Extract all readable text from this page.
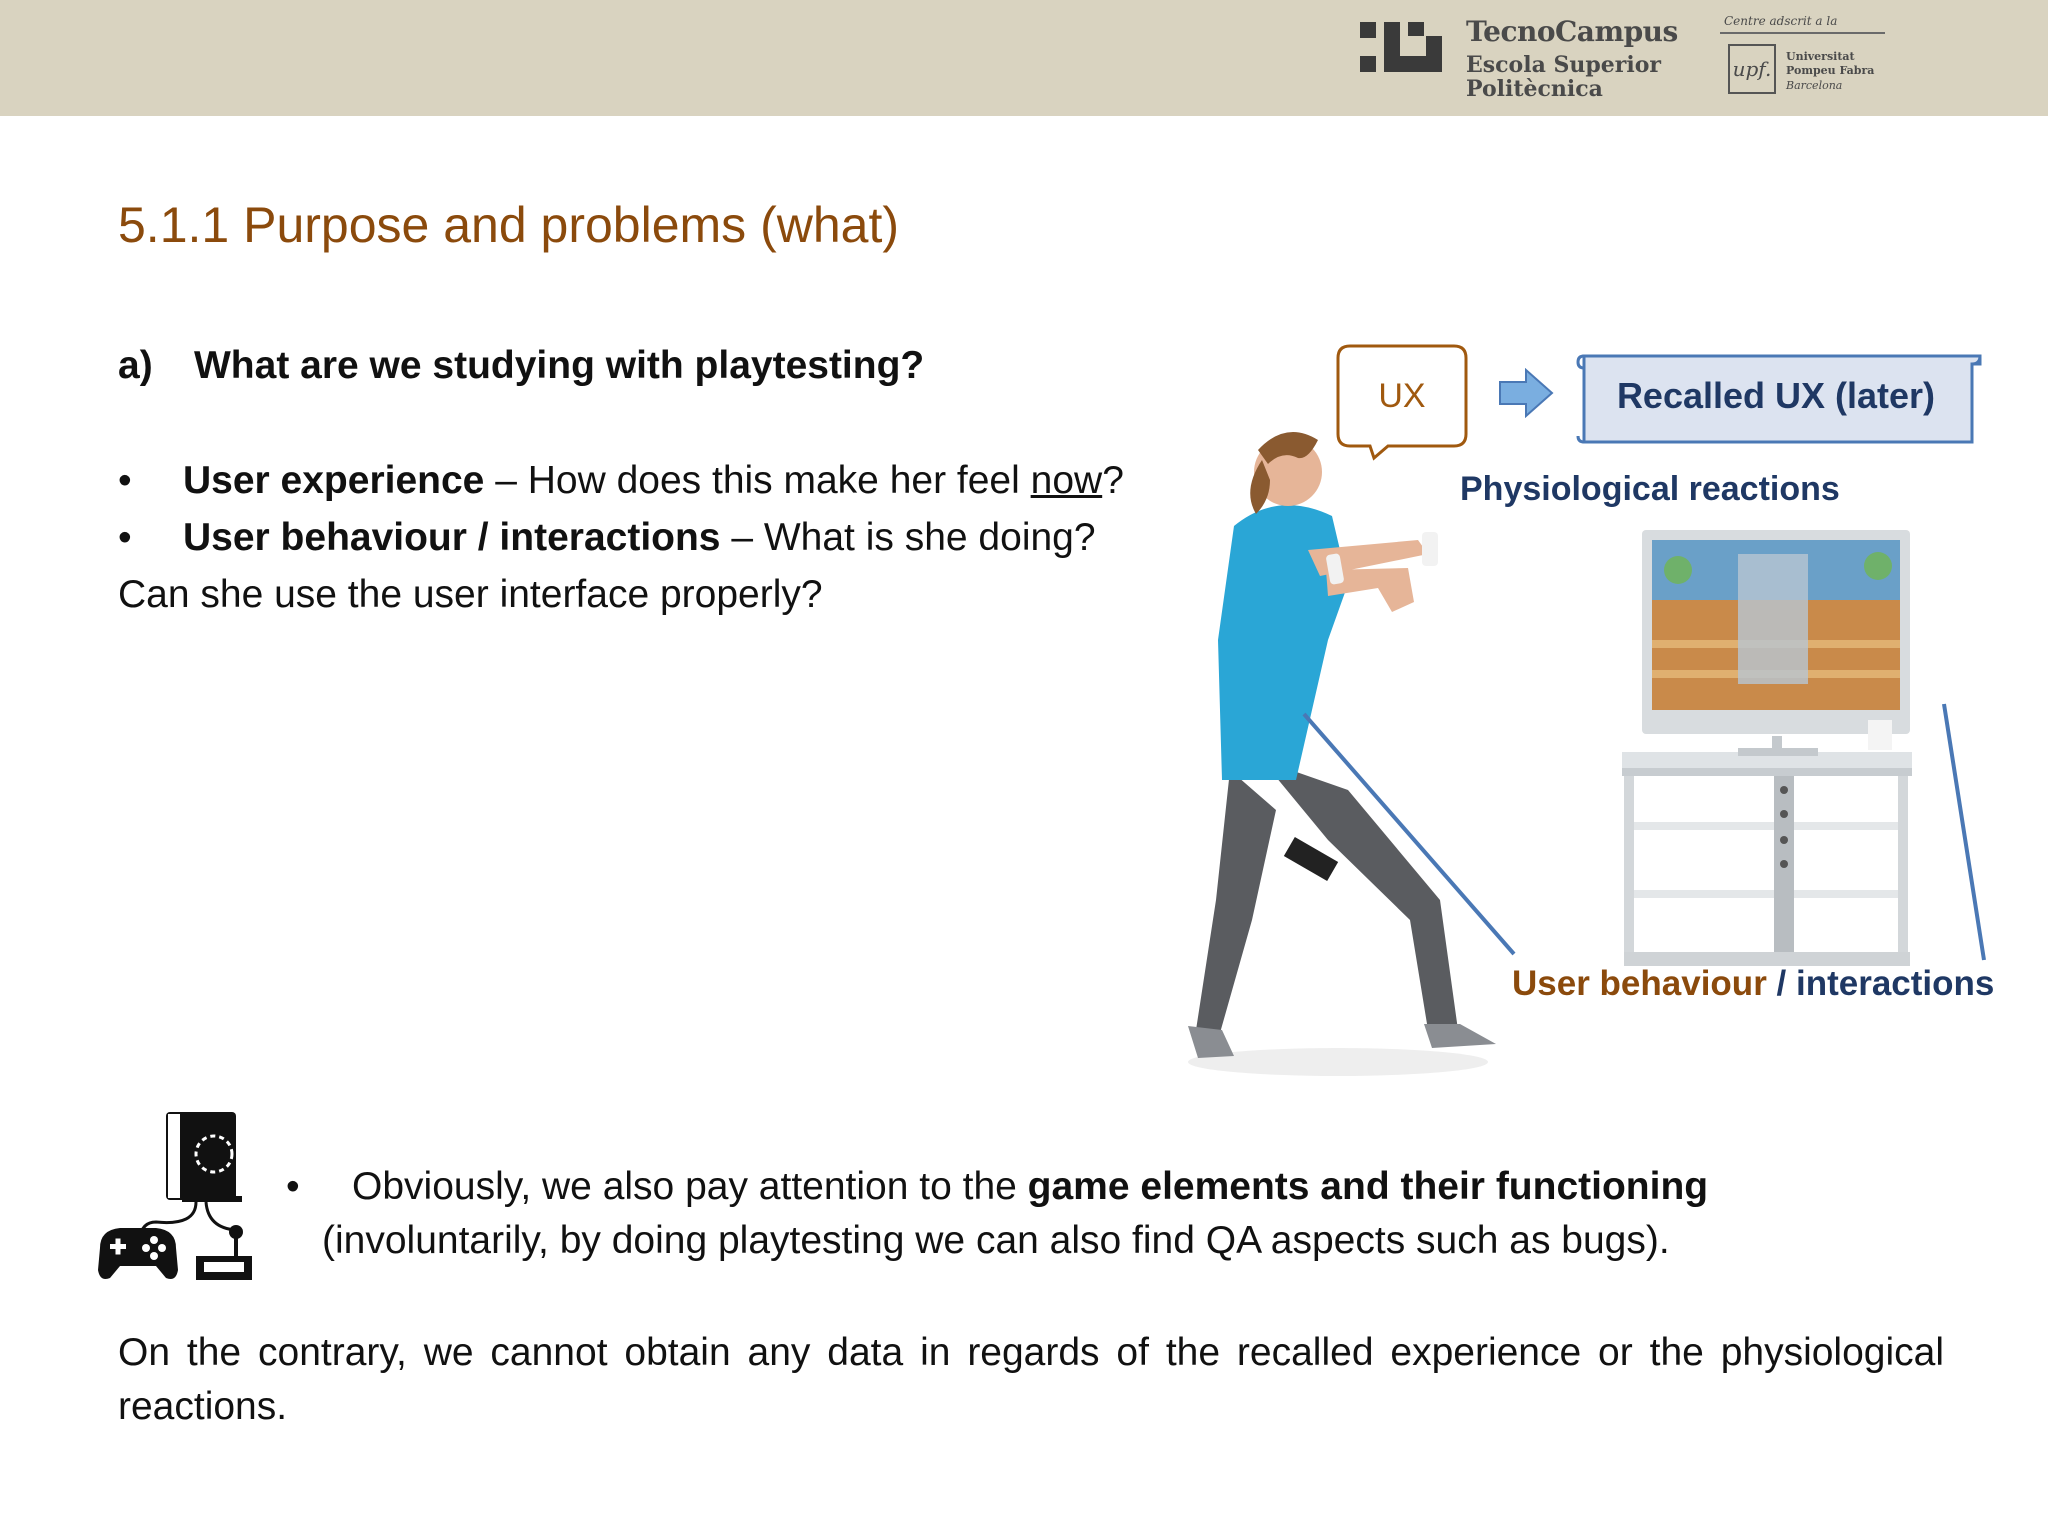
TecnoCampus
Escola Superior
Politècnica
Centre adscrit a la
upf.
Universitat
Pompeu Fabra
Barcelona
5.1.1 Purpose and problems (what)
a) What are we studying with playtesting?
• User experience – How does this make her feel now?
• User behaviour / interactions – What is she doing?
Can she use the user interface properly?
UX	Recalled UX (later)
Physiological reactions
User behaviour / interactions
• Obviously, we also pay attention to the game elements and their functioning
(involuntarily, by doing playtesting we can also find QA aspects such as bugs).
On the contrary, we cannot obtain any data in regards of the recalled experience or the physiological reactions.
